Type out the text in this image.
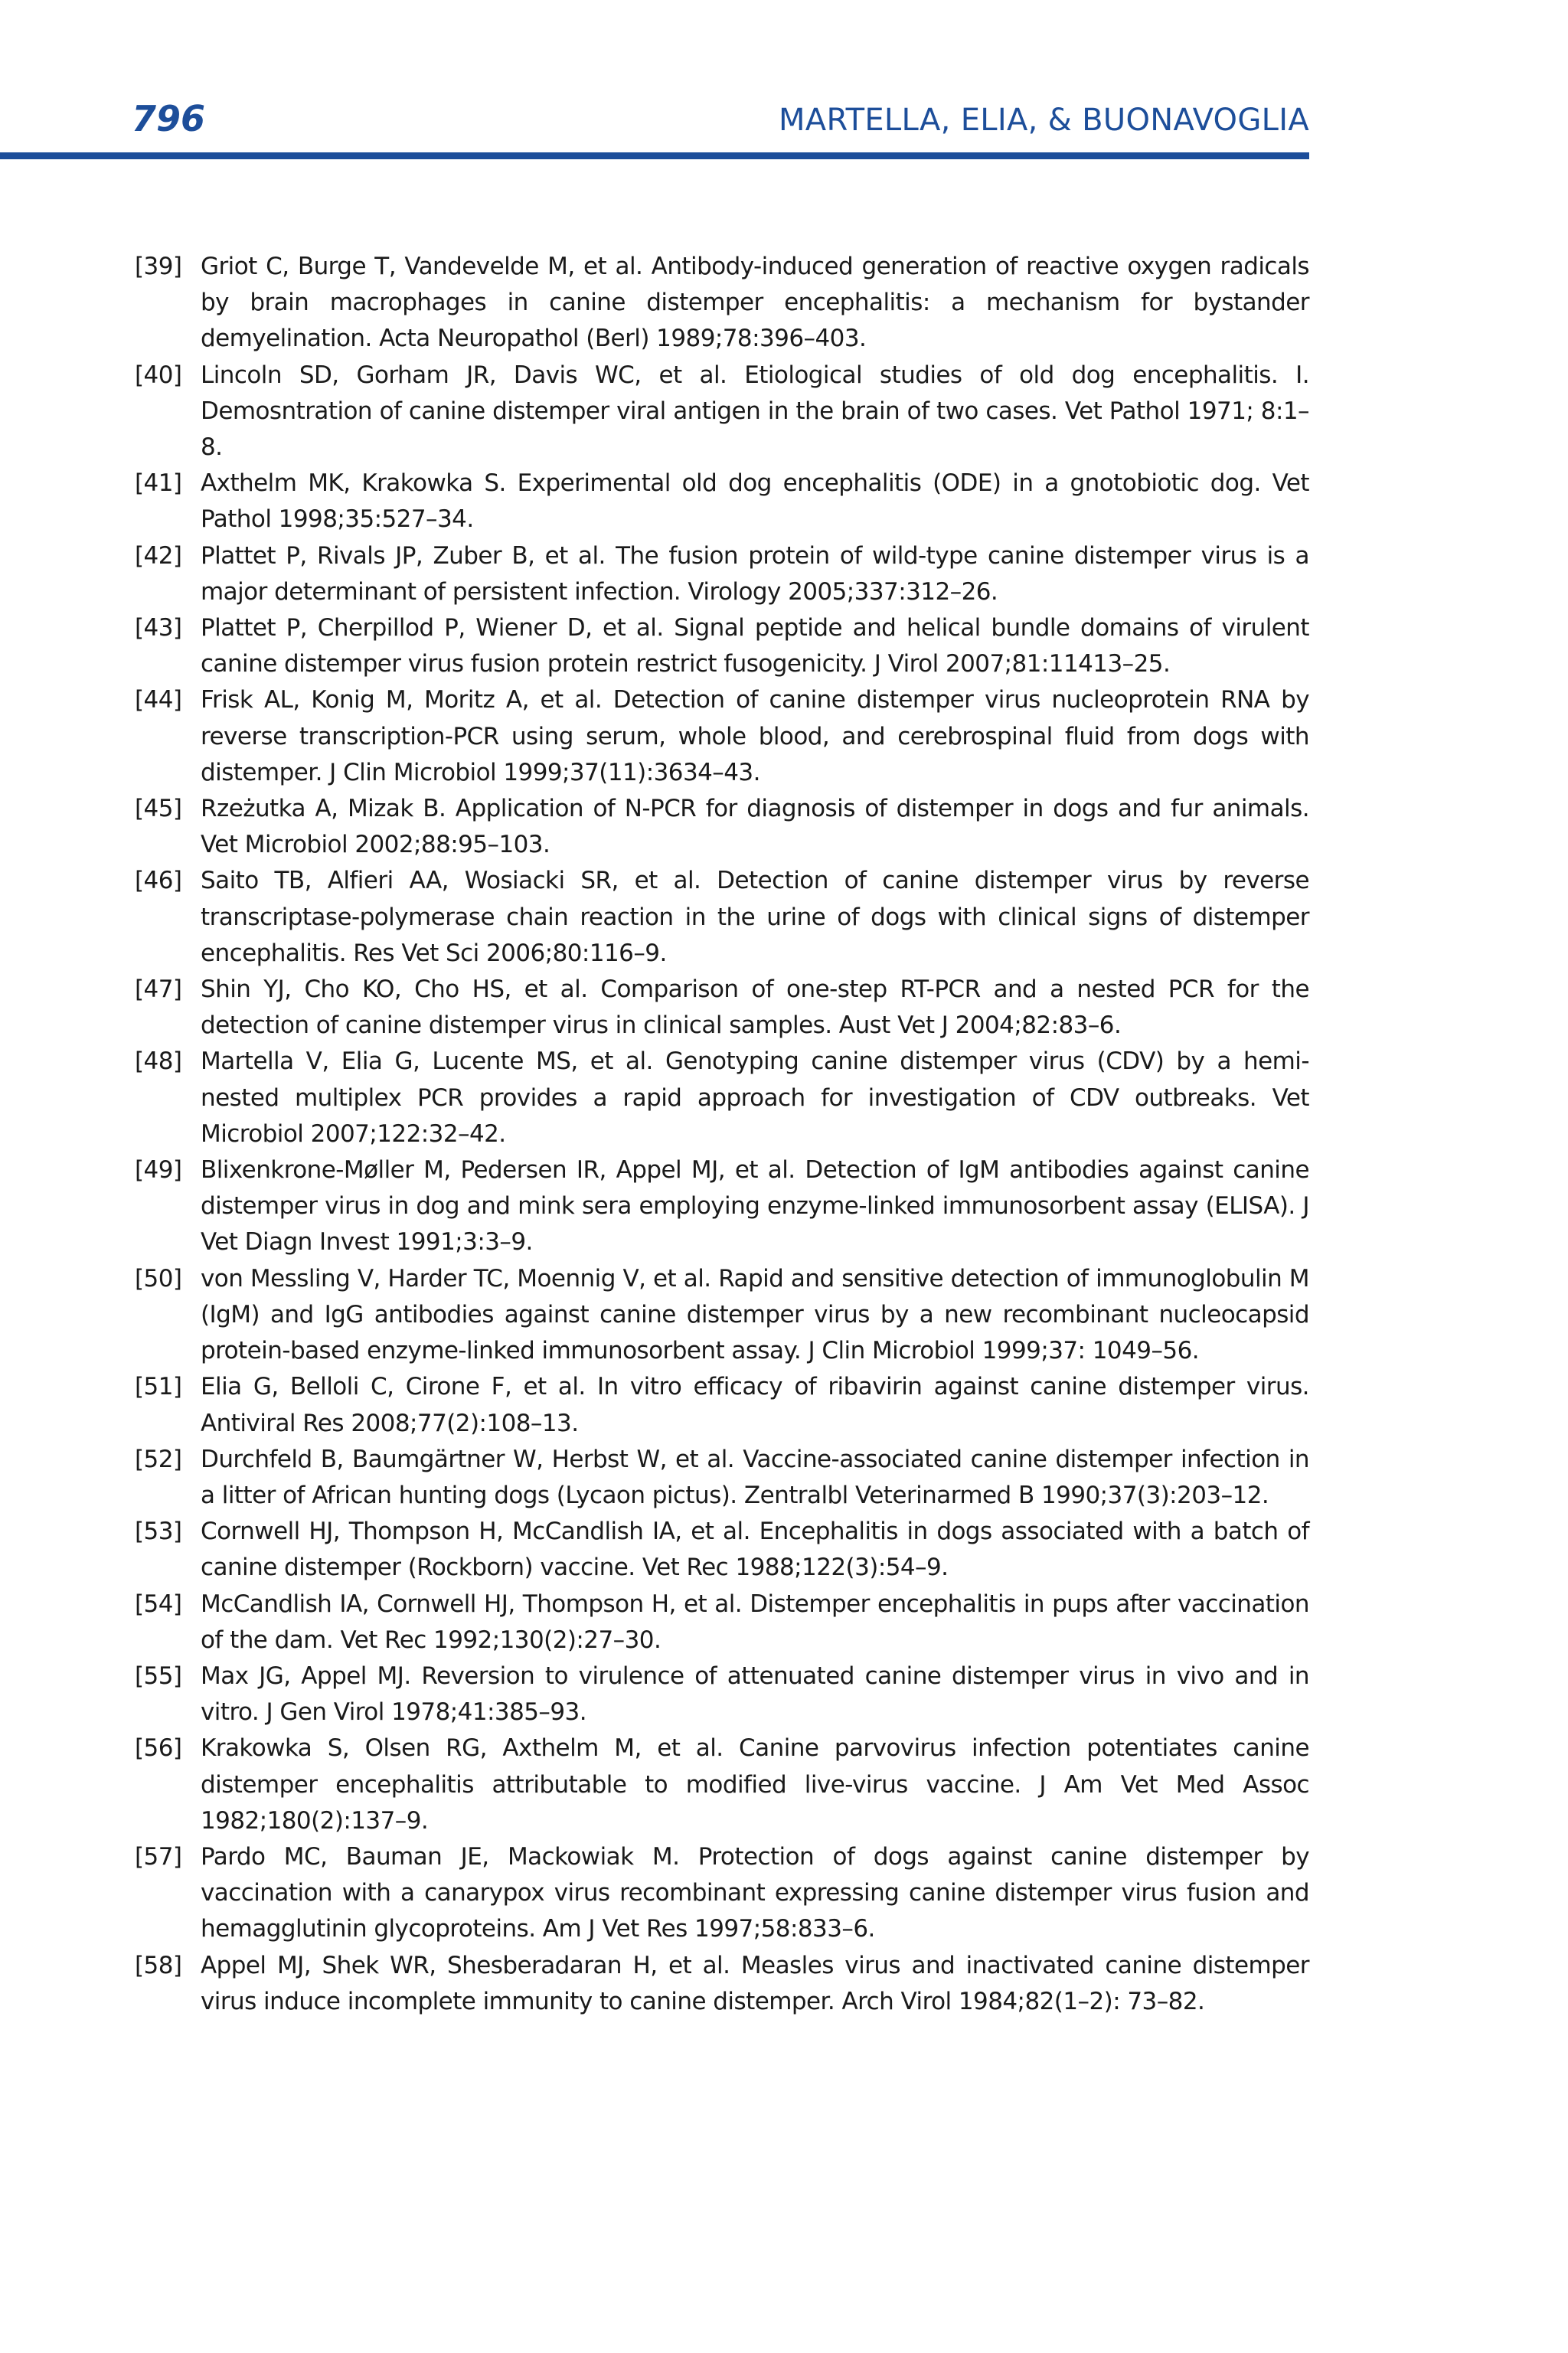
796	MARTELLA, ELIA, & BUONAVOGLIA
[39] Griot C, Burge T, Vandevelde M, et al. Antibody-induced generation of reactive oxygen radicals by brain macrophages in canine distemper encephalitis: a mechanism for bystander demyelination. Acta Neuropathol (Berl) 1989;78:396–403.
[40] Lincoln SD, Gorham JR, Davis WC, et al. Etiological studies of old dog encephalitis. I. Demosntration of canine distemper viral antigen in the brain of two cases. Vet Pathol 1971; 8:1–8.
[41] Axthelm MK, Krakowka S. Experimental old dog encephalitis (ODE) in a gnotobiotic dog. Vet Pathol 1998;35:527–34.
[42] Plattet P, Rivals JP, Zuber B, et al. The fusion protein of wild-type canine distemper virus is a major determinant of persistent infection. Virology 2005;337:312–26.
[43] Plattet P, Cherpillod P, Wiener D, et al. Signal peptide and helical bundle domains of virulent canine distemper virus fusion protein restrict fusogenicity. J Virol 2007;81:11413–25.
[44] Frisk AL, Konig M, Moritz A, et al. Detection of canine distemper virus nucleoprotein RNA by reverse transcription-PCR using serum, whole blood, and cerebrospinal fluid from dogs with distemper. J Clin Microbiol 1999;37(11):3634–43.
[45] Rzeżutka A, Mizak B. Application of N-PCR for diagnosis of distemper in dogs and fur animals. Vet Microbiol 2002;88:95–103.
[46] Saito TB, Alfieri AA, Wosiacki SR, et al. Detection of canine distemper virus by reverse transcriptase-polymerase chain reaction in the urine of dogs with clinical signs of distemper encephalitis. Res Vet Sci 2006;80:116–9.
[47] Shin YJ, Cho KO, Cho HS, et al. Comparison of one-step RT-PCR and a nested PCR for the detection of canine distemper virus in clinical samples. Aust Vet J 2004;82:83–6.
[48] Martella V, Elia G, Lucente MS, et al. Genotyping canine distemper virus (CDV) by a hemi-nested multiplex PCR provides a rapid approach for investigation of CDV outbreaks. Vet Microbiol 2007;122:32–42.
[49] Blixenkrone-Møller M, Pedersen IR, Appel MJ, et al. Detection of IgM antibodies against canine distemper virus in dog and mink sera employing enzyme-linked immunosorbent assay (ELISA). J Vet Diagn Invest 1991;3:3–9.
[50] von Messling V, Harder TC, Moennig V, et al. Rapid and sensitive detection of immunoglobulin M (IgM) and IgG antibodies against canine distemper virus by a new recombinant nucleocapsid protein-based enzyme-linked immunosorbent assay. J Clin Microbiol 1999;37: 1049–56.
[51] Elia G, Belloli C, Cirone F, et al. In vitro efficacy of ribavirin against canine distemper virus. Antiviral Res 2008;77(2):108–13.
[52] Durchfeld B, Baumgärtner W, Herbst W, et al. Vaccine-associated canine distemper infection in a litter of African hunting dogs (Lycaon pictus). Zentralbl Veterinarmed B 1990;37(3):203–12.
[53] Cornwell HJ, Thompson H, McCandlish IA, et al. Encephalitis in dogs associated with a batch of canine distemper (Rockborn) vaccine. Vet Rec 1988;122(3):54–9.
[54] McCandlish IA, Cornwell HJ, Thompson H, et al. Distemper encephalitis in pups after vaccination of the dam. Vet Rec 1992;130(2):27–30.
[55] Max JG, Appel MJ. Reversion to virulence of attenuated canine distemper virus in vivo and in vitro. J Gen Virol 1978;41:385–93.
[56] Krakowka S, Olsen RG, Axthelm M, et al. Canine parvovirus infection potentiates canine distemper encephalitis attributable to modified live-virus vaccine. J Am Vet Med Assoc 1982;180(2):137–9.
[57] Pardo MC, Bauman JE, Mackowiak M. Protection of dogs against canine distemper by vaccination with a canarypox virus recombinant expressing canine distemper virus fusion and hemagglutinin glycoproteins. Am J Vet Res 1997;58:833–6.
[58] Appel MJ, Shek WR, Shesberadaran H, et al. Measles virus and inactivated canine distemper virus induce incomplete immunity to canine distemper. Arch Virol 1984;82(1–2): 73–82.
